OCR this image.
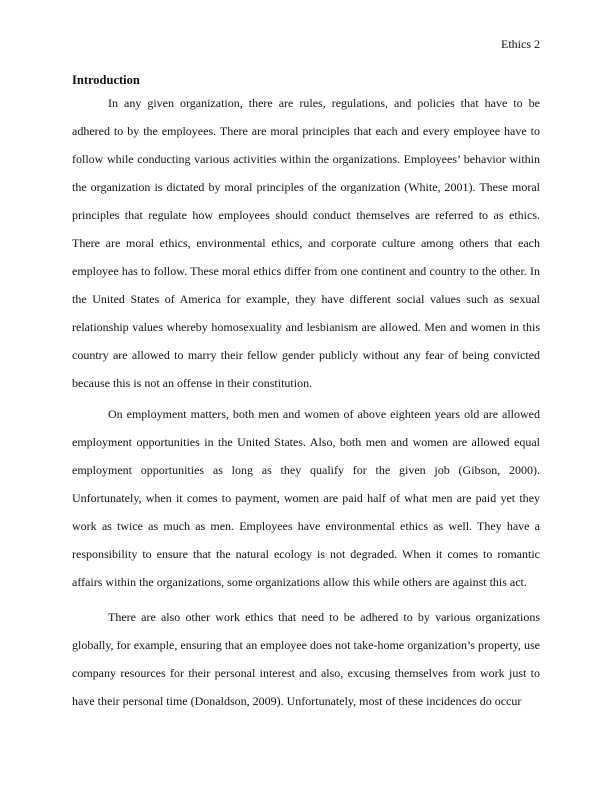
Ethics 2
Introduction

In any given organization, there are rules, regulations, and policies that have to be adhered to by the employees. There are moral principles that each and every employee have to follow while conducting various activities within the organizations. Employees’ behavior within the organization is dictated by moral principles of the organization (White, 2001). These moral principles that regulate how employees should conduct themselves are referred to as ethics. There are moral ethics, environmental ethics, and corporate culture among others that each employee has to follow. These moral ethics differ from one continent and country to the other. In the United States of America for example, they have different social values such as sexual relationship values whereby homosexuality and lesbianism are allowed. Men and women in this country are allowed to marry their fellow gender publicly without any fear of being convicted because this is not an offense in their constitution.

On employment matters, both men and women of above eighteen years old are allowed employment opportunities in the United States. Also, both men and women are allowed equal employment opportunities as long as they qualify for the given job (Gibson, 2000). Unfortunately, when it comes to payment, women are paid half of what men are paid yet they work as twice as much as men. Employees have environmental ethics as well. They have a responsibility to ensure that the natural ecology is not degraded. When it comes to romantic affairs within the organizations, some organizations allow this while others are against this act.

There are also other work ethics that need to be adhered to by various organizations globally, for example, ensuring that an employee does not take-home organization’s property, use company resources for their personal interest and also, excusing themselves from work just to have their personal time (Donaldson, 2009). Unfortunately, most of these incidences do occur
